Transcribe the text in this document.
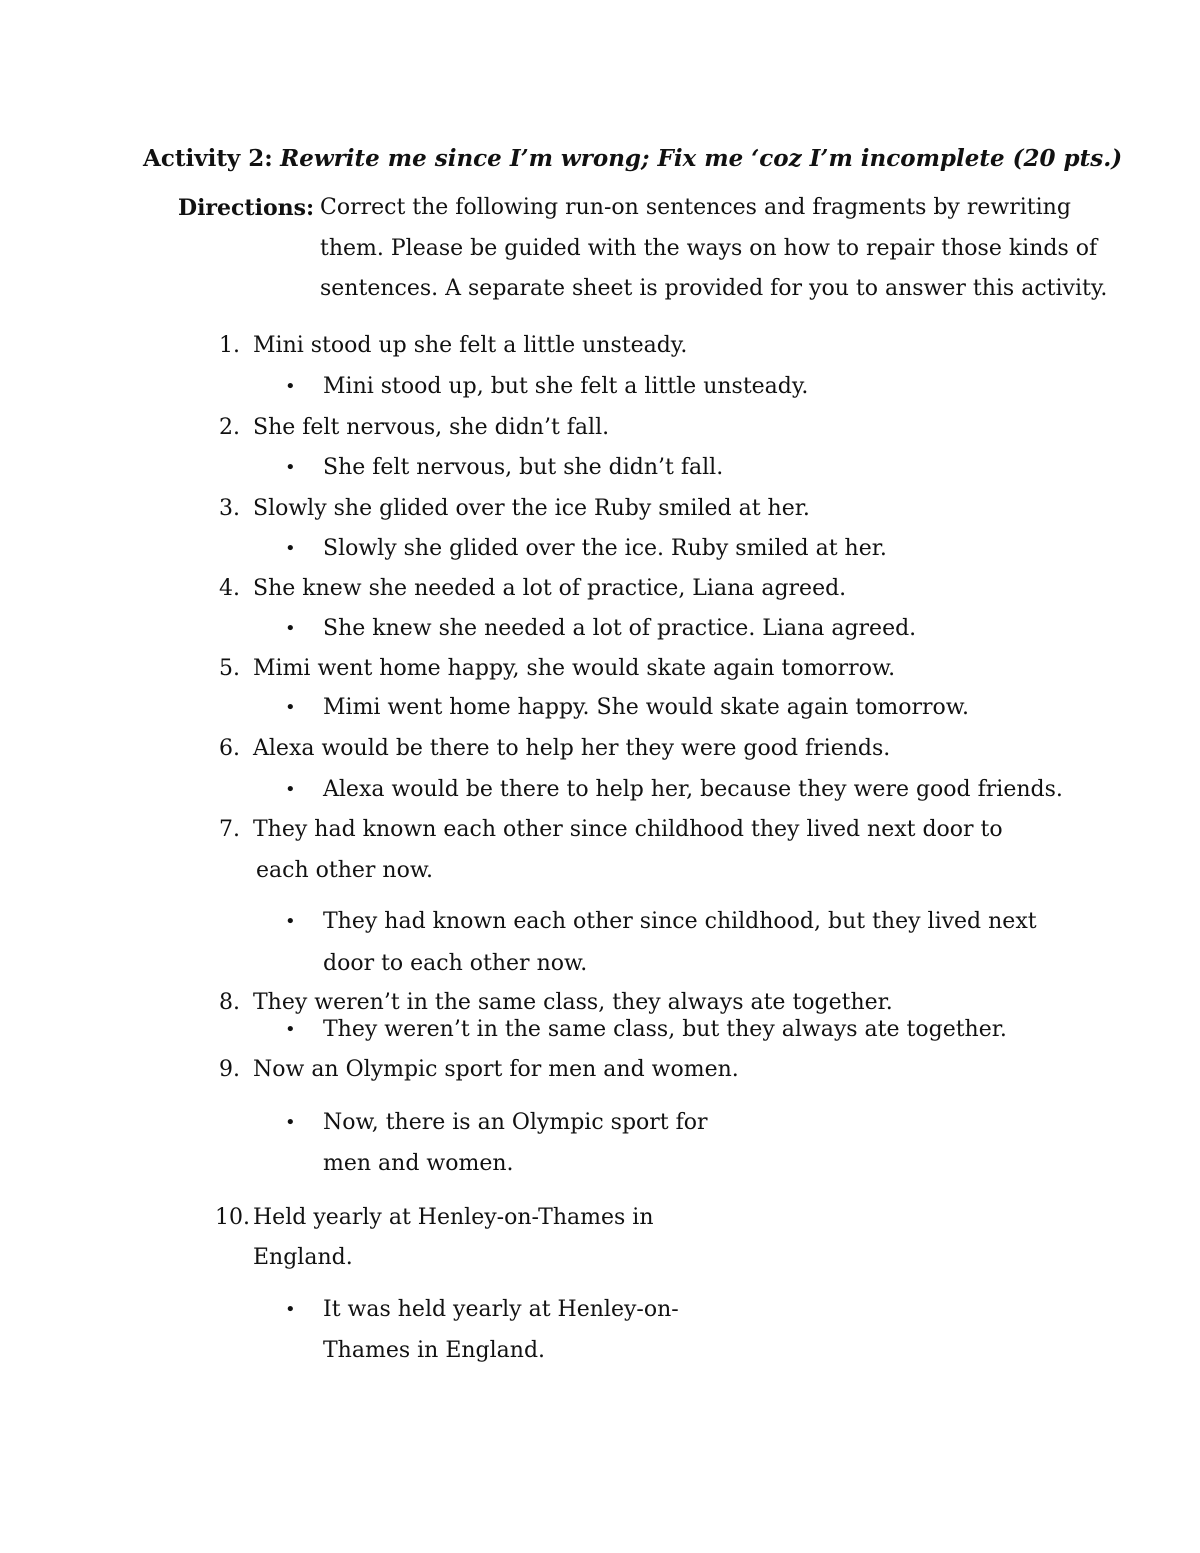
Activity 2: Rewrite me since I’m wrong; Fix me ‘coz I’m incomplete (20 pts.)
Directions: Correct the following run-on sentences and fragments by rewriting
them. Please be guided with the ways on how to repair those kinds of
sentences. A separate sheet is provided for you to answer this activity.
1. Mini stood up she felt a little unsteady.
• Mini stood up, but she felt a little unsteady.
2. She felt nervous, she didn’t fall.
• She felt nervous, but she didn’t fall.
3. Slowly she glided over the ice Ruby smiled at her.
• Slowly she glided over the ice. Ruby smiled at her.
4. She knew she needed a lot of practice, Liana agreed.
• She knew she needed a lot of practice. Liana agreed.
5. Mimi went home happy, she would skate again tomorrow.
• Mimi went home happy. She would skate again tomorrow.
6. Alexa would be there to help her they were good friends.
• Alexa would be there to help her, because they were good friends.
7. They had known each other since childhood they lived next door to
each other now.
• They had known each other since childhood, but they lived next
door to each other now.
8. They weren’t in the same class, they always ate together.
• They weren’t in the same class, but they always ate together.
9. Now an Olympic sport for men and women.
• Now, there is an Olympic sport for
men and women.
10. Held yearly at Henley-on-Thames in
England.
• It was held yearly at Henley-on-
Thames in England.
